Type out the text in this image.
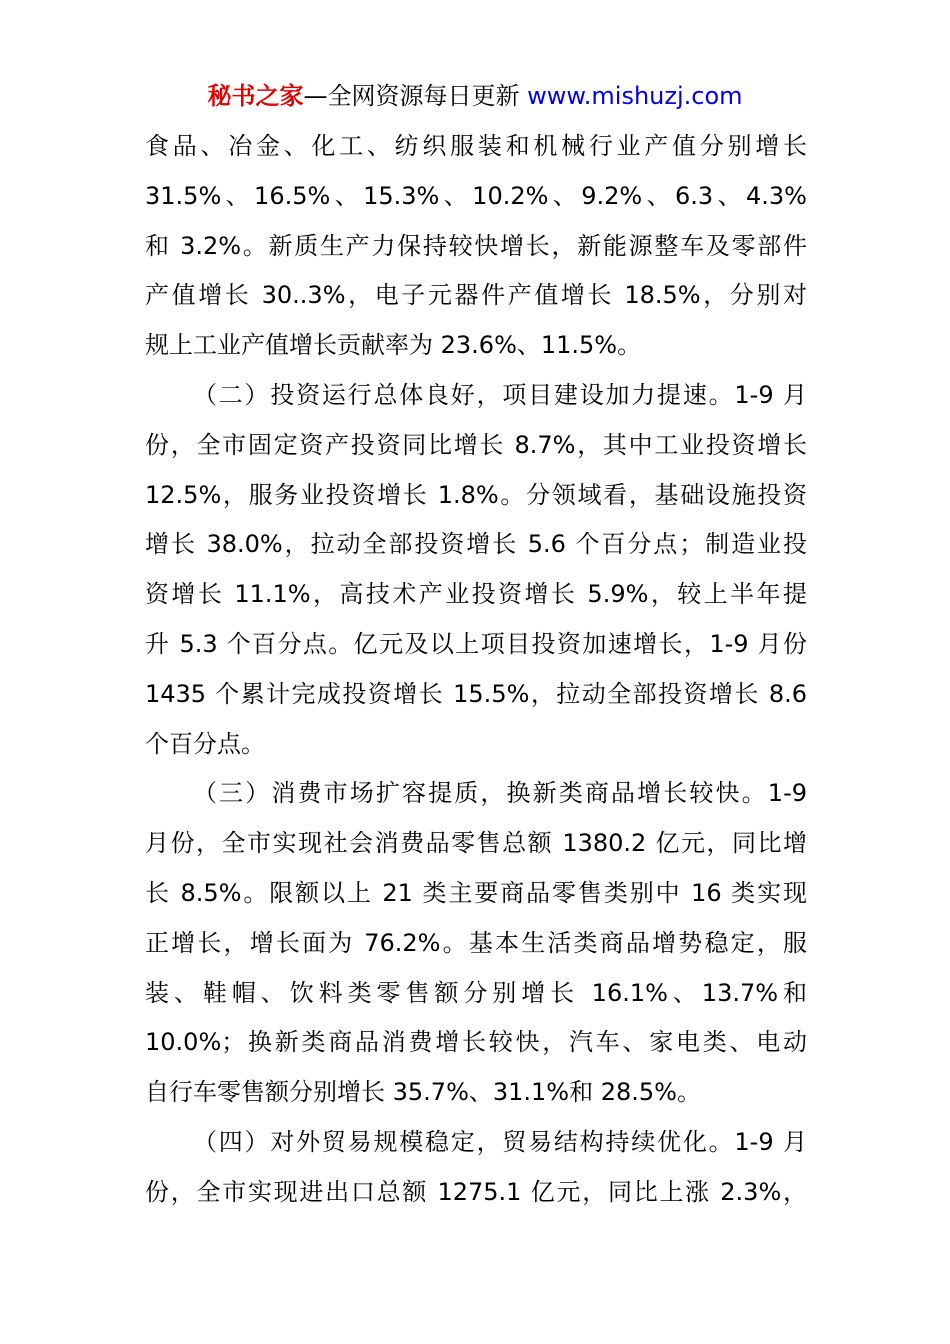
秘书之家—全网资源每日更新 www.mishuzj.com
食品、冶金、化工、纺织服装和机械行业产值分别增长
31.5%、16.5%、15.3%、10.2%、9.2%、6.3、4.3%
和 3.2%。新质生产力保持较快增长，新能源整车及零部件
产值增长 30..3%，电子元器件产值增长 18.5%，分别对
规上工业产值增长贡献率为 23.6%、11.5%。
（二）投资运行总体良好，项目建设加力提速。1-9 月
份，全市固定资产投资同比增长 8.7%，其中工业投资增长
12.5%，服务业投资增长 1.8%。分领域看，基础设施投资
增长 38.0%，拉动全部投资增长 5.6 个百分点；制造业投
资增长 11.1%，高技术产业投资增长 5.9%，较上半年提
升 5.3 个百分点。亿元及以上项目投资加速增长，1-9 月份
1435 个累计完成投资增长 15.5%，拉动全部投资增长 8.6
个百分点。
（三）消费市场扩容提质，换新类商品增长较快。1-9
月份，全市实现社会消费品零售总额 1380.2 亿元，同比增
长 8.5%。限额以上 21 类主要商品零售类别中 16 类实现
正增长，增长面为 76.2%。基本生活类商品增势稳定，服
装、鞋帽、饮料类零售额分别增长 16.1%、13.7%和
10.0%；换新类商品消费增长较快，汽车、家电类、电动
自行车零售额分别增长 35.7%、31.1%和 28.5%。
（四）对外贸易规模稳定，贸易结构持续优化。1-9 月
份，全市实现进出口总额 1275.1 亿元，同比上涨 2.3%，
